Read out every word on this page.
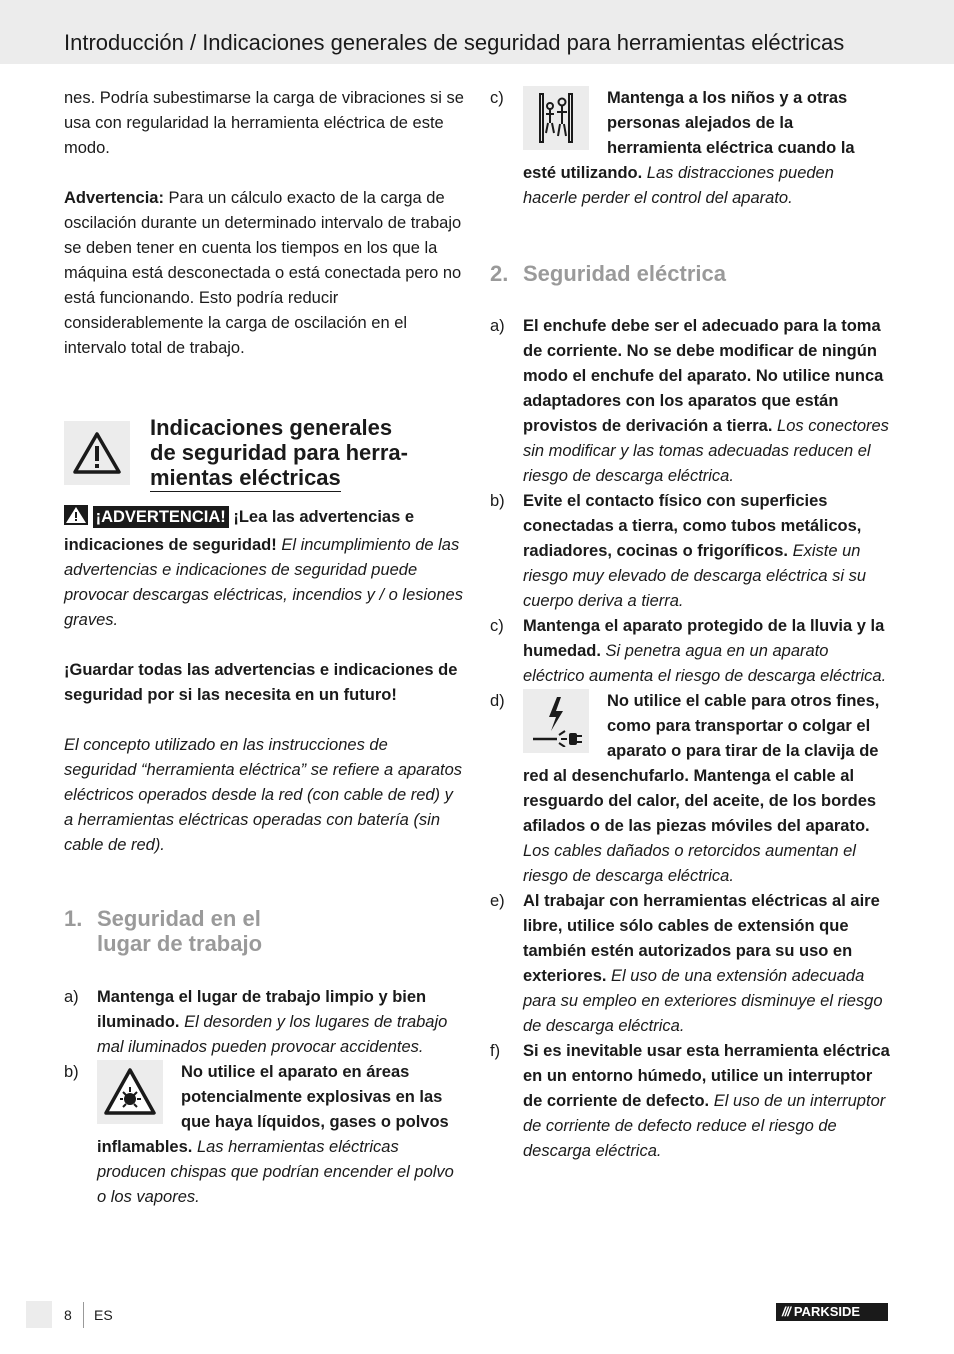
Introducción / Indicaciones generales de seguridad para herramientas eléctricas

nes. Podría subestimarse la carga de vibraciones si se usa con regularidad la herramienta eléctrica de este modo.

Advertencia: Para un cálculo exacto de la carga de oscilación durante un determinado intervalo de trabajo se deben tener en cuenta los tiempos en los que la máquina está desconectada o está conectada pero no está funcionando. Esto podría reducir considerablemente la carga de oscilación en el intervalo total de trabajo.

Indicaciones generales
de seguridad para herra-
mientas eléctricas

¡ADVERTENCIA! ¡Lea las advertencias e indicaciones de seguridad! El incumplimiento de las advertencias e indicaciones de seguridad puede provocar descargas eléctricas, incendios y / o lesiones graves.

¡Guardar todas las advertencias e indicaciones de seguridad por si las necesita en un futuro!

El concepto utilizado en las instrucciones de seguridad “herramienta eléctrica” se refiere a aparatos eléctricos operados desde la red (con cable de red) y a herramientas eléctricas operadas con batería (sin cable de red).

1. Seguridad en el
lugar de trabajo
a) Mantenga el lugar de trabajo limpio y bien iluminado. El desorden y los lugares de trabajo mal iluminados pueden provocar accidentes.
b)	No utilice el aparato en áreas potencialmente explosivas en las que haya líquidos, gases o polvos inflamables. Las herramientas eléctricas producen chispas que podrían encender el polvo o los vapores.
c)	Mantenga a los niños y a otras personas alejados de la herramienta eléctrica cuando la esté utilizando. Las distracciones pueden hacerle perder el control del aparato.
2. Seguridad eléctrica
a) El enchufe debe ser el adecuado para la toma de corriente. No se debe modificar de ningún modo el enchufe del aparato. No utilice nunca adaptadores con los aparatos que están provistos de derivación a tierra. Los conectores sin modificar y las tomas adecuadas reducen el riesgo de descarga eléctrica.
b) Evite el contacto físico con superficies conectadas a tierra, como tubos metálicos, radiadores, cocinas o frigoríficos. Existe un riesgo muy elevado de descarga eléctrica si su cuerpo deriva a tierra.
c) Mantenga el aparato protegido de la lluvia y la humedad. Si penetra agua en un aparato eléctrico aumenta el riesgo de descarga eléctrica.
d)	No utilice el cable para otros fines, como para transportar o colgar el aparato o para tirar de la clavija de red al desenchufarlo. Mantenga el cable al resguardo del calor, del aceite, de los bordes afilados o de las piezas móviles del aparato. Los cables dañados o retorcidos aumentan el riesgo de descarga eléctrica.
e) Al trabajar con herramientas eléctricas al aire libre, utilice sólo cables de extensión que también estén autorizados para su uso en exteriores. El uso de una extensión adecuada para su empleo en exteriores disminuye el riesgo de descarga eléctrica.
f) Si es inevitable usar esta herramienta eléctrica en un entorno húmedo, utilice un interruptor de corriente de defecto. El uso de un interruptor de corriente de defecto reduce el riesgo de descarga eléctrica.
8 ES	/// PARKSIDE
